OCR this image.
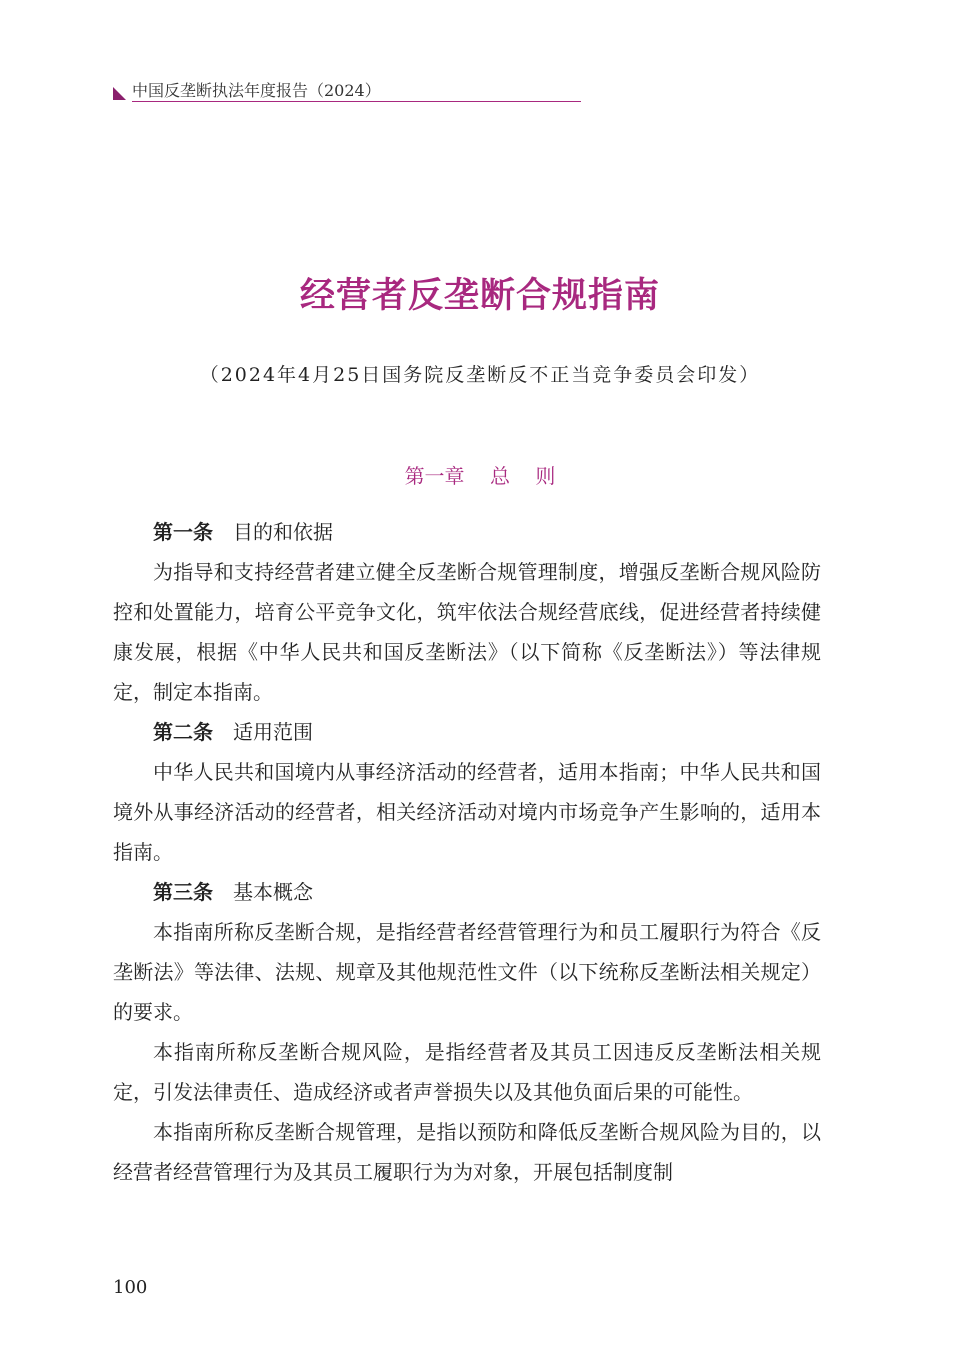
中国反垄断执法年度报告（2024）
经营者反垄断合规指南
（2024年4月25日国务院反垄断反不正当竞争委员会印发）
第一章    总    则

第一条 目的和依据

为指导和支持经营者建立健全反垄断合规管理制度，增强反垄断合规风险防控和处置能力，培育公平竞争文化，筑牢依法合规经营底线，促进经营者持续健康发展，根据《中华人民共和国反垄断法》（以下简称《反垄断法》）等法律规定，制定本指南。

第二条 适用范围

中华人民共和国境内从事经济活动的经营者，适用本指南；中华人民共和国境外从事经济活动的经营者，相关经济活动对境内市场竞争产生影响的，适用本指南。

第三条 基本概念

本指南所称反垄断合规，是指经营者经营管理行为和员工履职行为符合《反垄断法》等法律、法规、规章及其他规范性文件（以下统称反垄断法相关规定）的要求。

本指南所称反垄断合规风险，是指经营者及其员工因违反反垄断法相关规定，引发法律责任、造成经济或者声誉损失以及其他负面后果的可能性。

本指南所称反垄断合规管理，是指以预防和降低反垄断合规风险为目的，以经营者经营管理行为及其员工履职行为为对象，开展包括制度制

100
